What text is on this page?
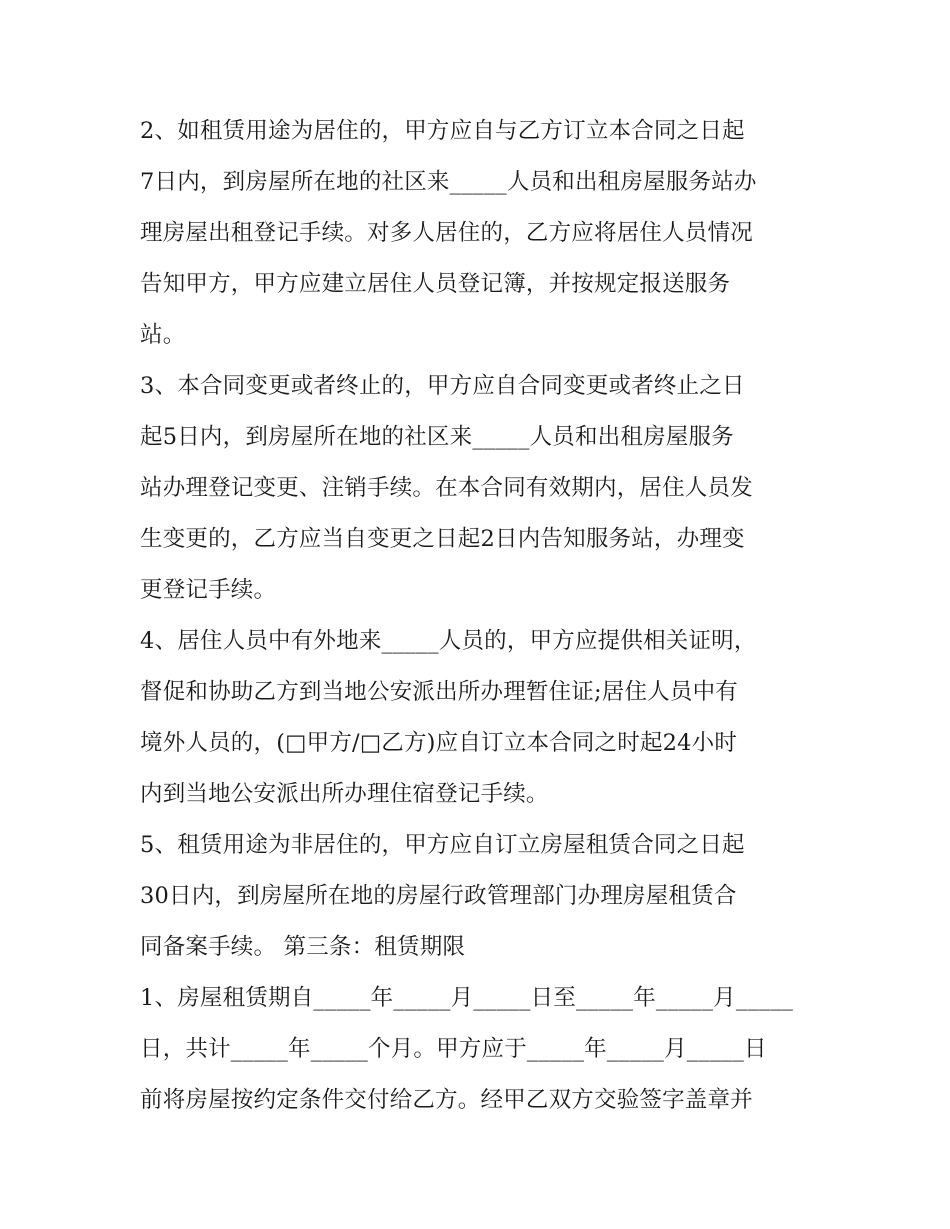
2、如租赁用途为居住的，甲方应自与乙方订立本合同之日起
7日内，到房屋所在地的社区来_____人员和出租房屋服务站办
理房屋出租登记手续。对多人居住的，乙方应将居住人员情况
告知甲方，甲方应建立居住人员登记簿，并按规定报送服务
站。
3、本合同变更或者终止的，甲方应自合同变更或者终止之日
起5日内，到房屋所在地的社区来_____人员和出租房屋服务
站办理登记变更、注销手续。在本合同有效期内，居住人员发
生变更的，乙方应当自变更之日起2日内告知服务站，办理变
更登记手续。
4、居住人员中有外地来_____人员的，甲方应提供相关证明，
督促和协助乙方到当地公安派出所办理暂住证;居住人员中有
境外人员的，(□甲方/□乙方)应自订立本合同之时起24小时
内到当地公安派出所办理住宿登记手续。
5、租赁用途为非居住的，甲方应自订立房屋租赁合同之日起
30日内，到房屋所在地的房屋行政管理部门办理房屋租赁合
同备案手续。 第三条：租赁期限
1、房屋租赁期自_____年_____月_____日至_____年_____月_____
日，共计_____年_____个月。甲方应于_____年_____月_____日
前将房屋按约定条件交付给乙方。经甲乙双方交验签字盖章并
